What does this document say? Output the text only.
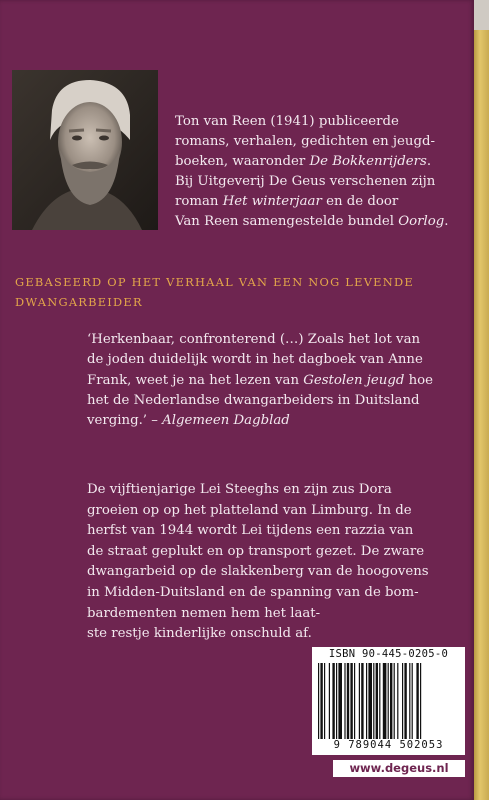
Ton van Reen (1941) publiceerde
romans, verhalen, gedichten en jeugd-
boeken, waaronder De Bokkenrijders.
Bij Uitgeverij De Geus verschenen zijn
roman Het winterjaar en de door
Van Reen samengestelde bundel Oorlog.
GEBASEERD OP HET VERHAAL VAN EEN NOG LEVENDE
DWANGARBEIDER
‘Herkenbaar, confronterend (…) Zoals het lot van
de joden duidelijk wordt in het dagboek van Anne
Frank, weet je na het lezen van Gestolen jeugd hoe
het de Nederlandse dwangarbeiders in Duitsland
verging.’ – Algemeen Dagblad
De vijftienjarige Lei Steeghs en zijn zus Dora
groeien op op het platteland van Limburg. In de
herfst van 1944 wordt Lei tijdens een razzia van
de straat geplukt en op transport gezet. De zware
dwangarbeid op de slakkenberg van de hoogovens
in Midden-Duitsland en de spanning van de bom-
bardementen nemen hem het laat-
ste restje kinderlijke onschuld af.
ISBN 90-445-0205-0
9 789044 502053
www.degeus.nl
